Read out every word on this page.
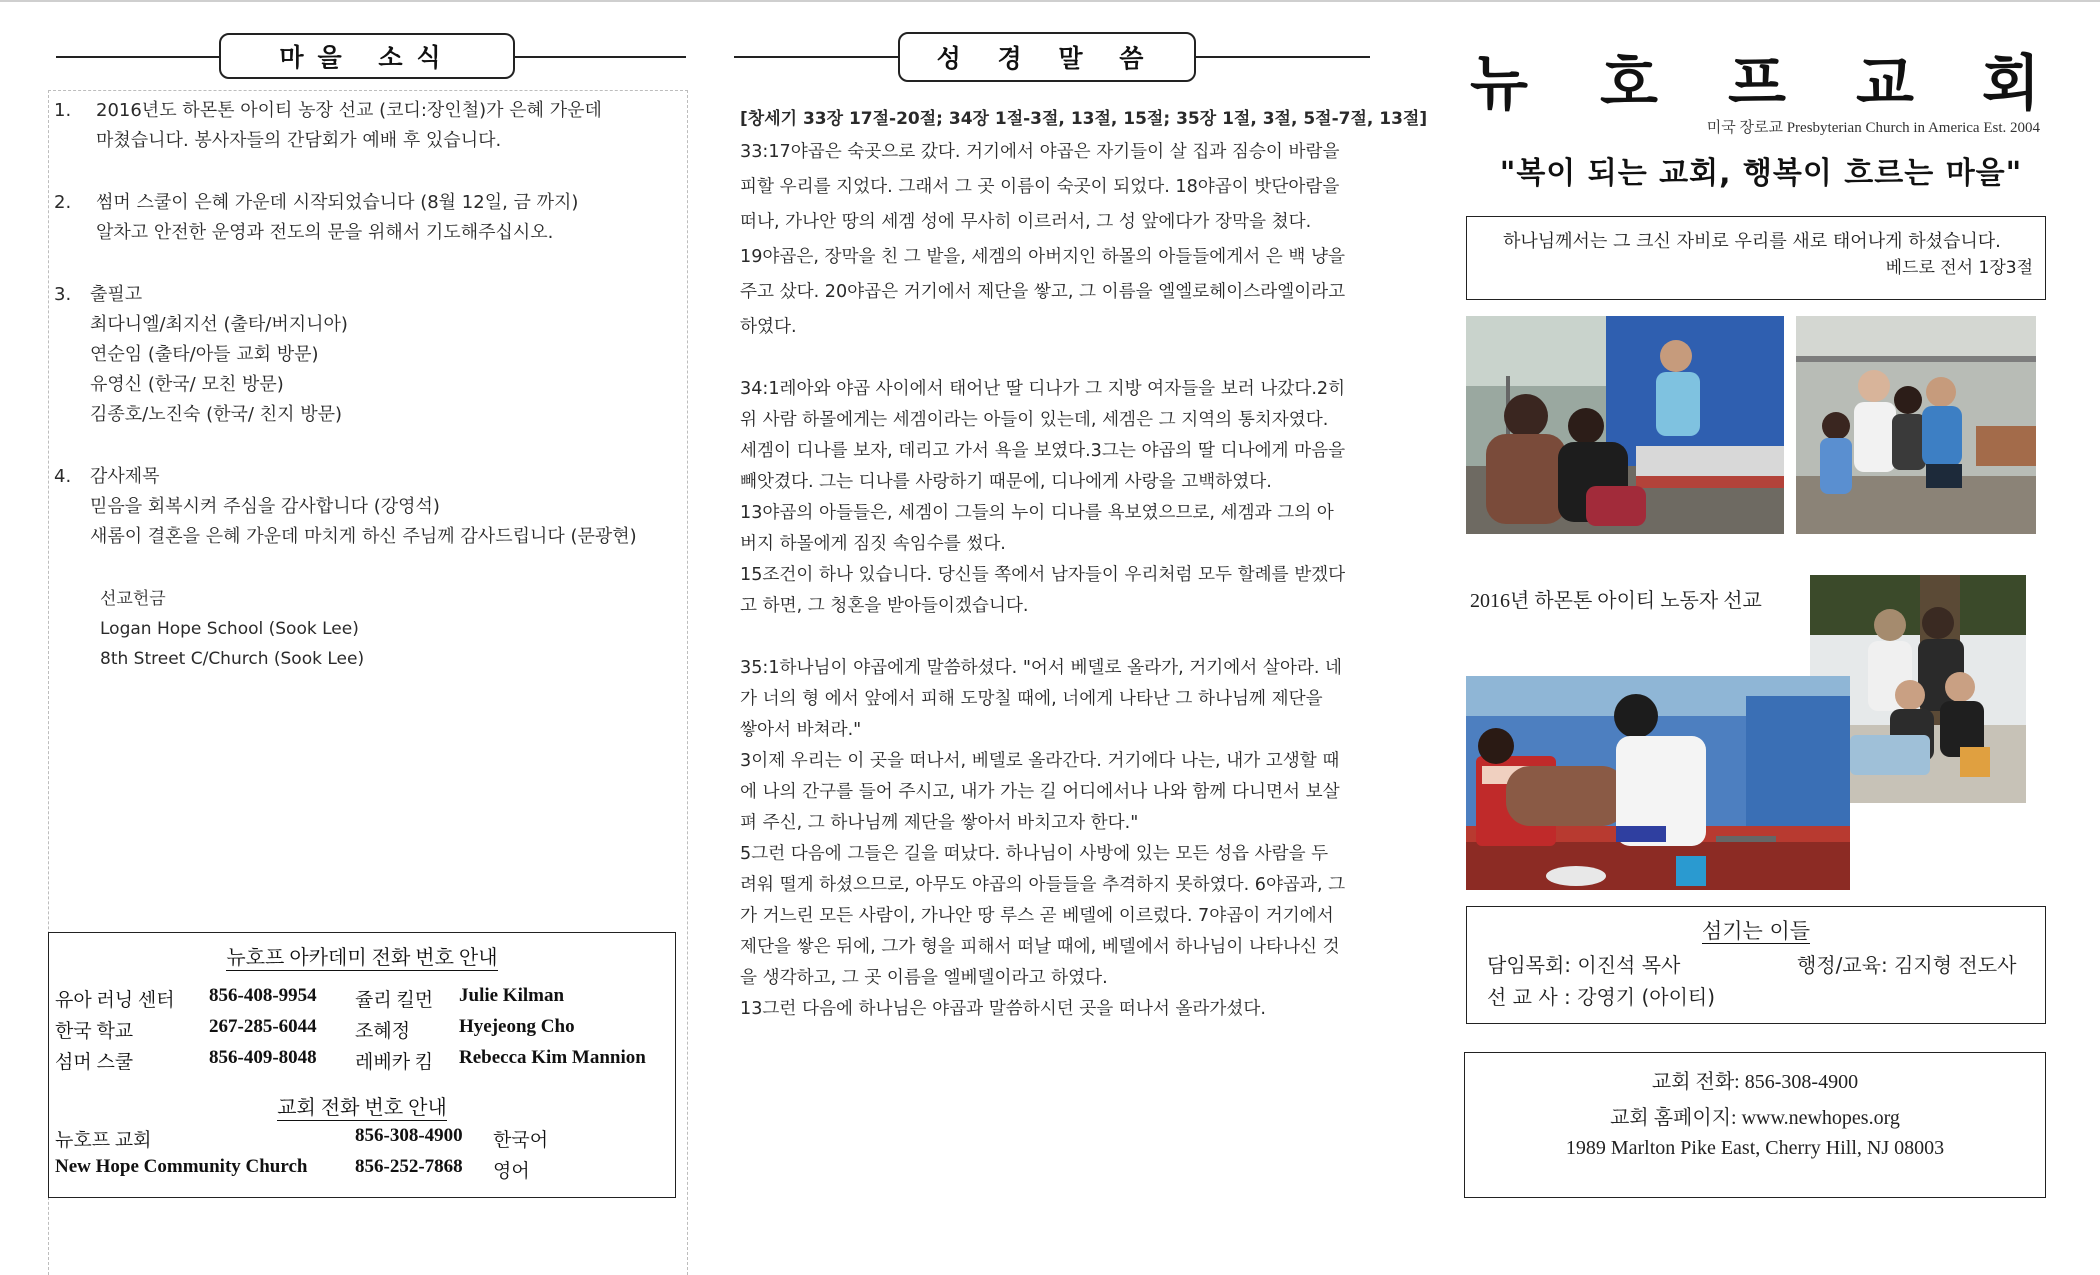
마을 소식
1. 2016년도 하몬톤 아이티 농장 선교 (코디:장인철)가 은혜 가운데
마쳤습니다. 봉사자들의 간담회가 예배 후 있습니다.
2. 썸머 스쿨이 은혜 가운데 시작되었습니다 (8월 12일, 금 까지)
알차고 안전한 운영과 전도의 문을 위해서 기도해주십시오.
3. 출필고
최다니엘/최지선 (출타/버지니아)
연순임 (출타/아들 교회 방문)
유영신 (한국/ 모친 방문)
김종호/노진숙 (한국/ 친지 방문)
4. 감사제목
믿음을 회복시켜 주심을 감사합니다 (강영석)
새롬이 결혼을 은혜 가운데 마치게 하신 주님께 감사드립니다 (문광현)
선교헌금
Logan Hope School (Sook Lee)
8th Street C/Church (Sook Lee)
뉴호프 아카데미 전화 번호 안내
유아 러닝 센터 856-408-9954 쥴리 킬먼 Julie Kilman
한국 학교	267-285-6044 조혜정	Hyejeong Cho
섬머 스쿨	856-409-8048 레베카 킴 Rebecca Kim Mannion
교회 전화 번호 안내
뉴호프 교회	856-308-4900 한국어
New Hope Community Church	856-252-7868 영어
성 경 말 씀
[창세기 33장 17절-20절; 34장 1절-3절, 13절, 15절; 35장 1절, 3절, 5절-7절, 13절]
33:17야곱은 숙곳으로 갔다. 거기에서 야곱은 자기들이 살 집과 짐승이 바람을
피할 우리를 지었다. 그래서 그 곳 이름이 숙곳이 되었다. 18야곱이 밧단아람을
떠나, 가나안 땅의 세겜 성에 무사히 이르러서, 그 성 앞에다가 장막을 쳤다.
19야곱은, 장막을 친 그 밭을, 세겜의 아버지인 하몰의 아들들에게서 은 백 냥을
주고 샀다. 20야곱은 거기에서 제단을 쌓고, 그 이름을 엘엘로헤이스라엘이라고
하였다.
34:1레아와 야곱 사이에서 태어난 딸 디나가 그 지방 여자들을 보러 나갔다.2히
위 사람 하몰에게는 세겜이라는 아들이 있는데, 세겜은 그 지역의 통치자였다.
세겜이 디나를 보자, 데리고 가서 욕을 보였다.3그는 야곱의 딸 디나에게 마음을
빼앗겼다. 그는 디나를 사랑하기 때문에, 디나에게 사랑을 고백하였다.
13야곱의 아들들은, 세겜이 그들의 누이 디나를 욕보였으므로, 세겜과 그의 아
버지 하몰에게 짐짓 속임수를 썼다.
15조건이 하나 있습니다. 당신들 쪽에서 남자들이 우리처럼 모두 할례를 받겠다
고 하면, 그 청혼을 받아들이겠습니다.
35:1하나님이 야곱에게 말씀하셨다. "어서 베델로 올라가, 거기에서 살아라. 네
가 너의 형 에서 앞에서 피해 도망칠 때에, 너에게 나타난 그 하나님께 제단을
쌓아서 바쳐라."
3이제 우리는 이 곳을 떠나서, 베델로 올라간다. 거기에다 나는, 내가 고생할 때
에 나의 간구를 들어 주시고, 내가 가는 길 어디에서나 나와 함께 다니면서 보살
펴 주신, 그 하나님께 제단을 쌓아서 바치고자 한다."
5그런 다음에 그들은 길을 떠났다. 하나님이 사방에 있는 모든 성읍 사람을 두
려워 떨게 하셨으므로, 아무도 야곱의 아들들을 추격하지 못하였다. 6야곱과, 그
가 거느린 모든 사람이, 가나안 땅 루스 곧 베델에 이르렀다. 7야곱이 거기에서
제단을 쌓은 뒤에, 그가 형을 피해서 떠날 때에, 베델에서 하나님이 나타나신 것
을 생각하고, 그 곳 이름을 엘베델이라고 하였다.
13그런 다음에 하나님은 야곱과 말씀하시던 곳을 떠나서 올라가셨다.
뉴 호 프 교 회
미국 장로교 Presbyterian Church in America Est. 2004
"복이 되는 교회, 행복이 흐르는 마을"
하나님께서는 그 크신 자비로 우리를 새로 태어나게 하셨습니다.
베드로 전서 1장3절
2016년 하몬톤 아이티 노동자 선교
섬기는 이들
담임목회: 이진석 목사	행정/교육: 김지형 전도사
선 교 사 : 강영기 (아이티)
교회 전화: 856-308-4900
교회 홈페이지: www.newhopes.org
1989 Marlton Pike East, Cherry Hill, NJ 08003
